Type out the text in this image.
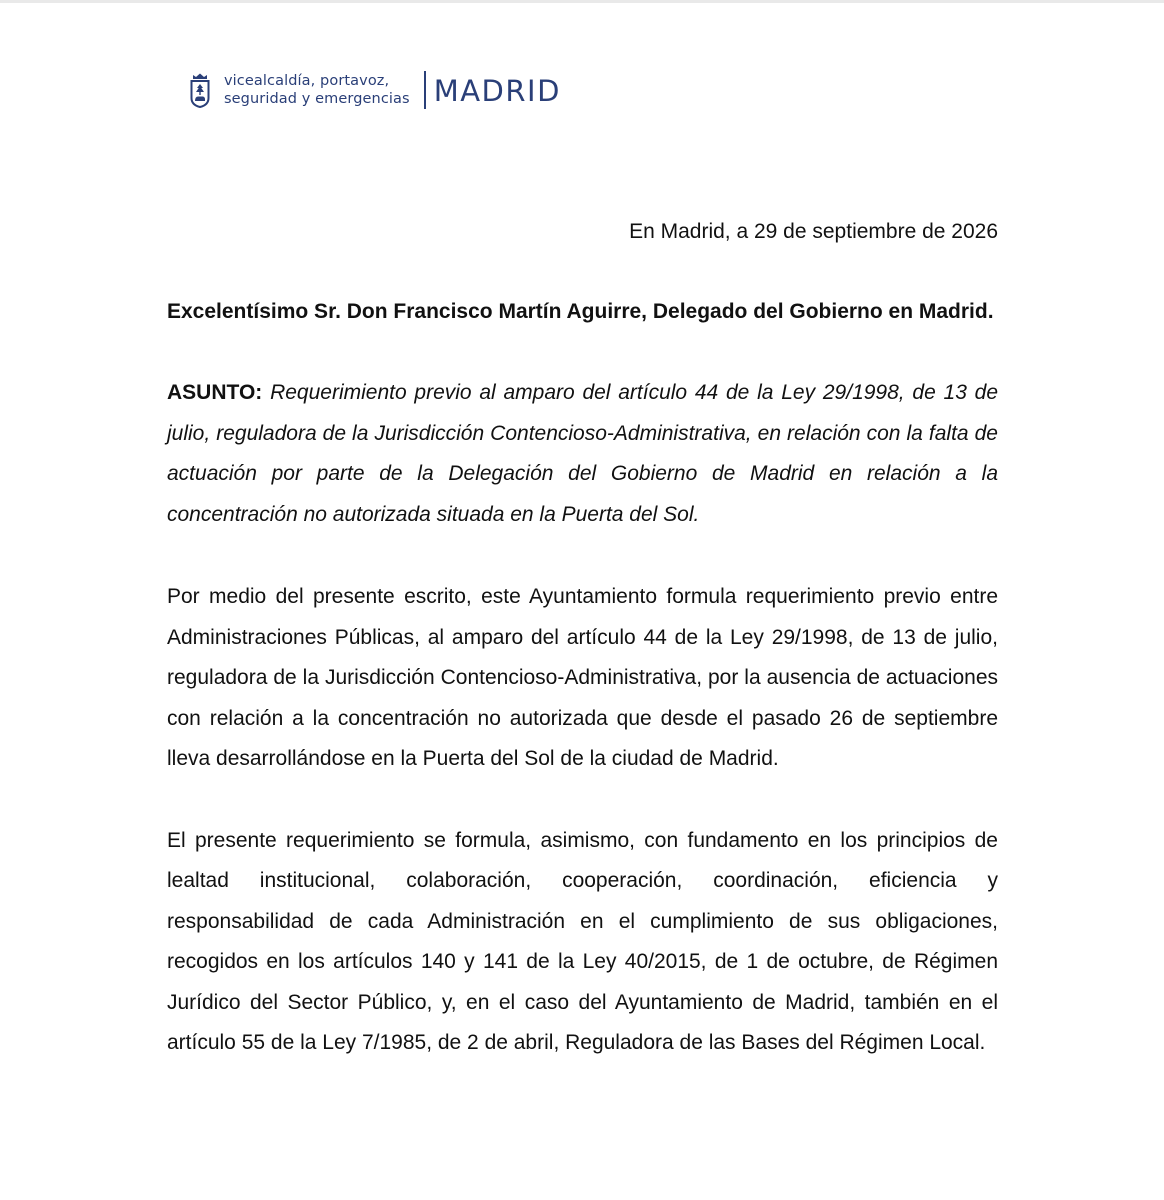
vicealcaldía, portavoz,
seguridad y emergencias MADRID

En Madrid, a 29 de septiembre de 2026

Excelentísimo Sr. Don Francisco Martín Aguirre, Delegado del Gobierno en Madrid.

ASUNTO: Requerimiento previo al amparo del artículo 44 de la Ley 29/1998, de 13 de julio, reguladora de la Jurisdicción Contencioso-Administrativa, en relación con la falta de actuación por parte de la Delegación del Gobierno de Madrid en relación a la concentración no autorizada situada en la Puerta del Sol.

Por medio del presente escrito, este Ayuntamiento formula requerimiento previo entre Administraciones Públicas, al amparo del artículo 44 de la Ley 29/1998, de 13 de julio, reguladora de la Jurisdicción Contencioso-Administrativa, por la ausencia de actuaciones con relación a la concentración no autorizada que desde el pasado 26 de septiembre lleva desarrollándose en la Puerta del Sol de la ciudad de Madrid.

El presente requerimiento se formula, asimismo, con fundamento en los principios de lealtad institucional, colaboración, cooperación, coordinación, eficiencia y responsabilidad de cada Administración en el cumplimiento de sus obligaciones, recogidos en los artículos 140 y 141 de la Ley 40/2015, de 1 de octubre, de Régimen Jurídico del Sector Público, y, en el caso del Ayuntamiento de Madrid, también en el artículo 55 de la Ley 7/1985, de 2 de abril, Reguladora de las Bases del Régimen Local.
